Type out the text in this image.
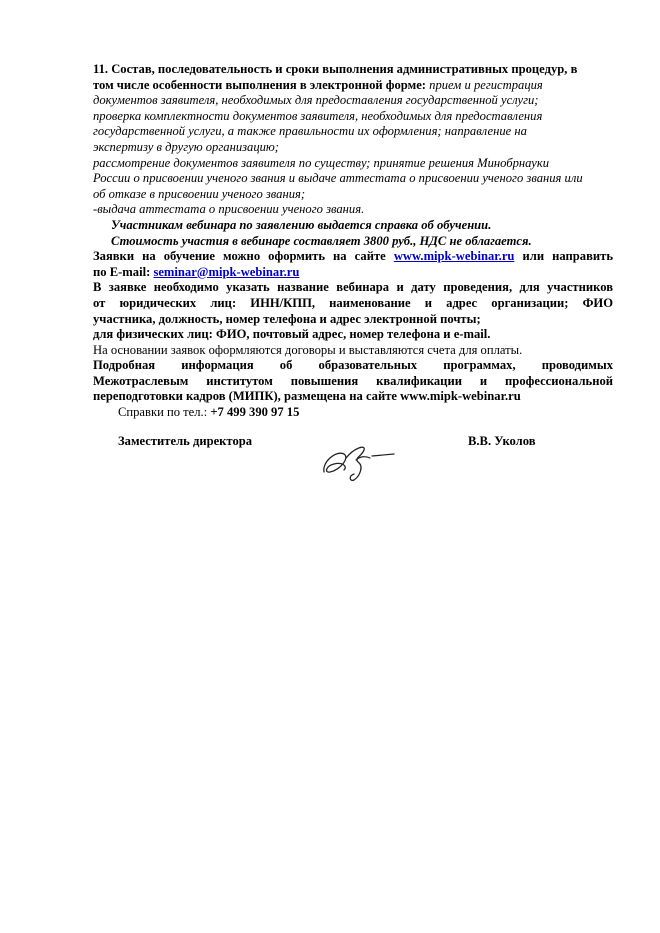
11. Состав, последовательность и сроки выполнения административных процедур, в
том числе особенности выполнения в электронной форме: прием и регистрация
документов заявителя, необходимых для предоставления государственной услуги;
проверка комплектности документов заявителя, необходимых для предоставления
государственной услуги, а также правильности их оформления; направление на
экспертизу в другую организацию;
рассмотрение документов заявителя по существу; принятие решения Минобрнауки
России о присвоении ученого звания и выдаче аттестата о присвоении ученого звания или
об отказе в присвоении ученого звания;
-выдача аттестата о присвоении ученого звания.
Участникам вебинара по заявлению выдается справка об обучении.
Стоимость участия в вебинаре составляет 3800 руб., НДС не облагается.
Заявки на обучение можно оформить на сайте www.mipk-webinar.ru или направить
по E-mail: seminar@mipk-webinar.ru
В заявке необходимо указать название вебинара и дату проведения, для участников
от юридических лиц: ИНН/КПП, наименование и адрес организации; ФИО
участника, должность, номер телефона и адрес электронной почты;
для физических лиц: ФИО, почтовый адрес, номер телефона и e-mail.
На основании заявок оформляются договоры и выставляются счета для оплаты.
Подробная информация об образовательных программах, проводимых
Межотраслевым институтом повышения квалификации и профессиональной
переподготовки кадров (МИПК), размещена на сайте www.mipk-webinar.ru
Справки по тел.: +7 499 390 97 15
Заместитель директора	В.В. Уколов
